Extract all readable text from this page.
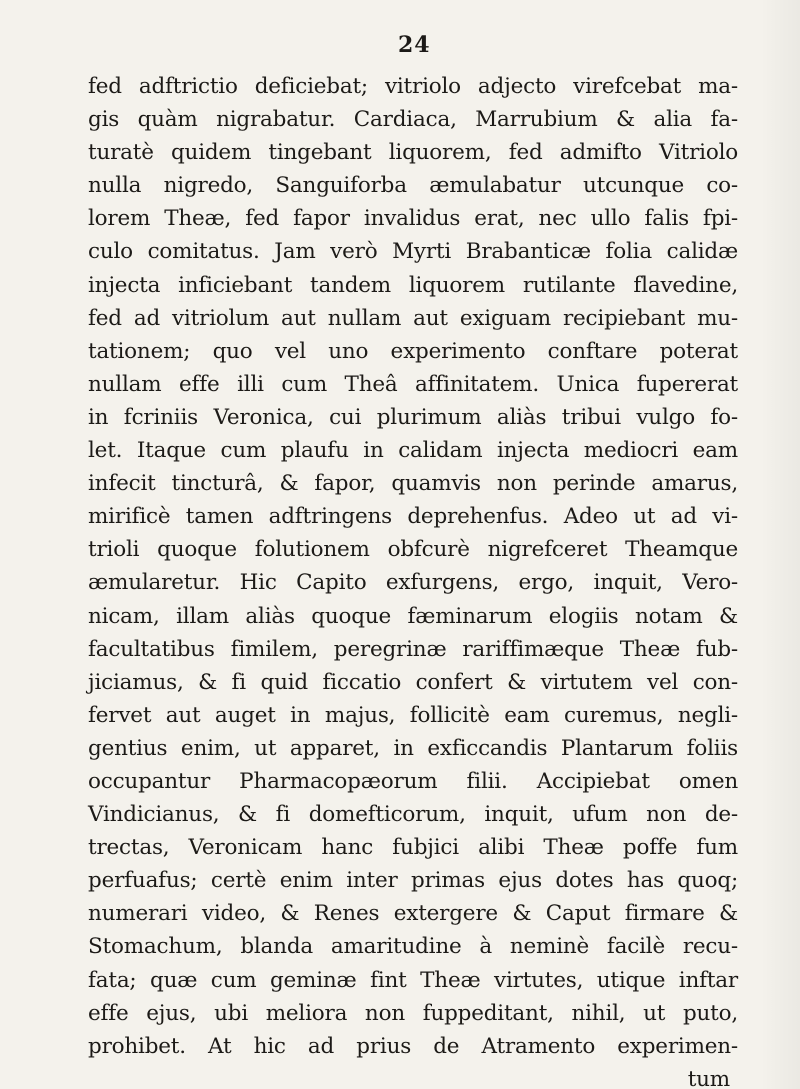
24
fed adftrictio deficiebat; vitriolo adjecto virefcebat ma-
gis quàm nigrabatur. Cardiaca, Marrubium & alia fa-
turatè quidem tingebant liquorem, fed admifto Vitriolo
nulla nigredo, Sanguiforba æmulabatur utcunque co-
lorem Theæ, fed fapor invalidus erat, nec ullo falis fpi-
culo comitatus. Jam verò Myrti Brabanticæ folia calidæ
injecta inficiebant tandem liquorem rutilante flavedine,
fed ad vitriolum aut nullam aut exiguam recipiebant mu-
tationem; quo vel uno experimento conftare poterat
nullam effe illi cum Theâ affinitatem. Unica fupererat
in fcriniis Veronica, cui plurimum aliàs tribui vulgo fo-
let. Itaque cum plaufu in calidam injecta mediocri eam
infecit tincturâ, & fapor, quamvis non perinde amarus,
mirificè tamen adftringens deprehenfus. Adeo ut ad vi-
trioli quoque folutionem obfcurè nigrefceret Theamque
æmularetur. Hic Capito exfurgens, ergo, inquit, Vero-
nicam, illam aliàs quoque fæminarum elogiis notam &
facultatibus fimilem, peregrinæ rariffimæque Theæ fub-
jiciamus, & fi quid ficcatio confert & virtutem vel con-
fervet aut auget in majus, follicitè eam curemus, negli-
gentius enim, ut apparet, in exficcandis Plantarum foliis
occupantur Pharmacopæorum filii. Accipiebat omen
Vindicianus, & fi domefticorum, inquit, ufum non de-
trectas, Veronicam hanc fubjici alibi Theæ poffe fum
perfuafus; certè enim inter primas ejus dotes has quoq;
numerari video, & Renes extergere & Caput firmare &
Stomachum, blanda amaritudine à neminè facilè recu-
fata; quæ cum geminæ fint Theæ virtutes, utique inftar
effe ejus, ubi meliora non fuppeditant, nihil, ut puto,
prohibet. At hic ad prius de Atramento experimen-
tum
